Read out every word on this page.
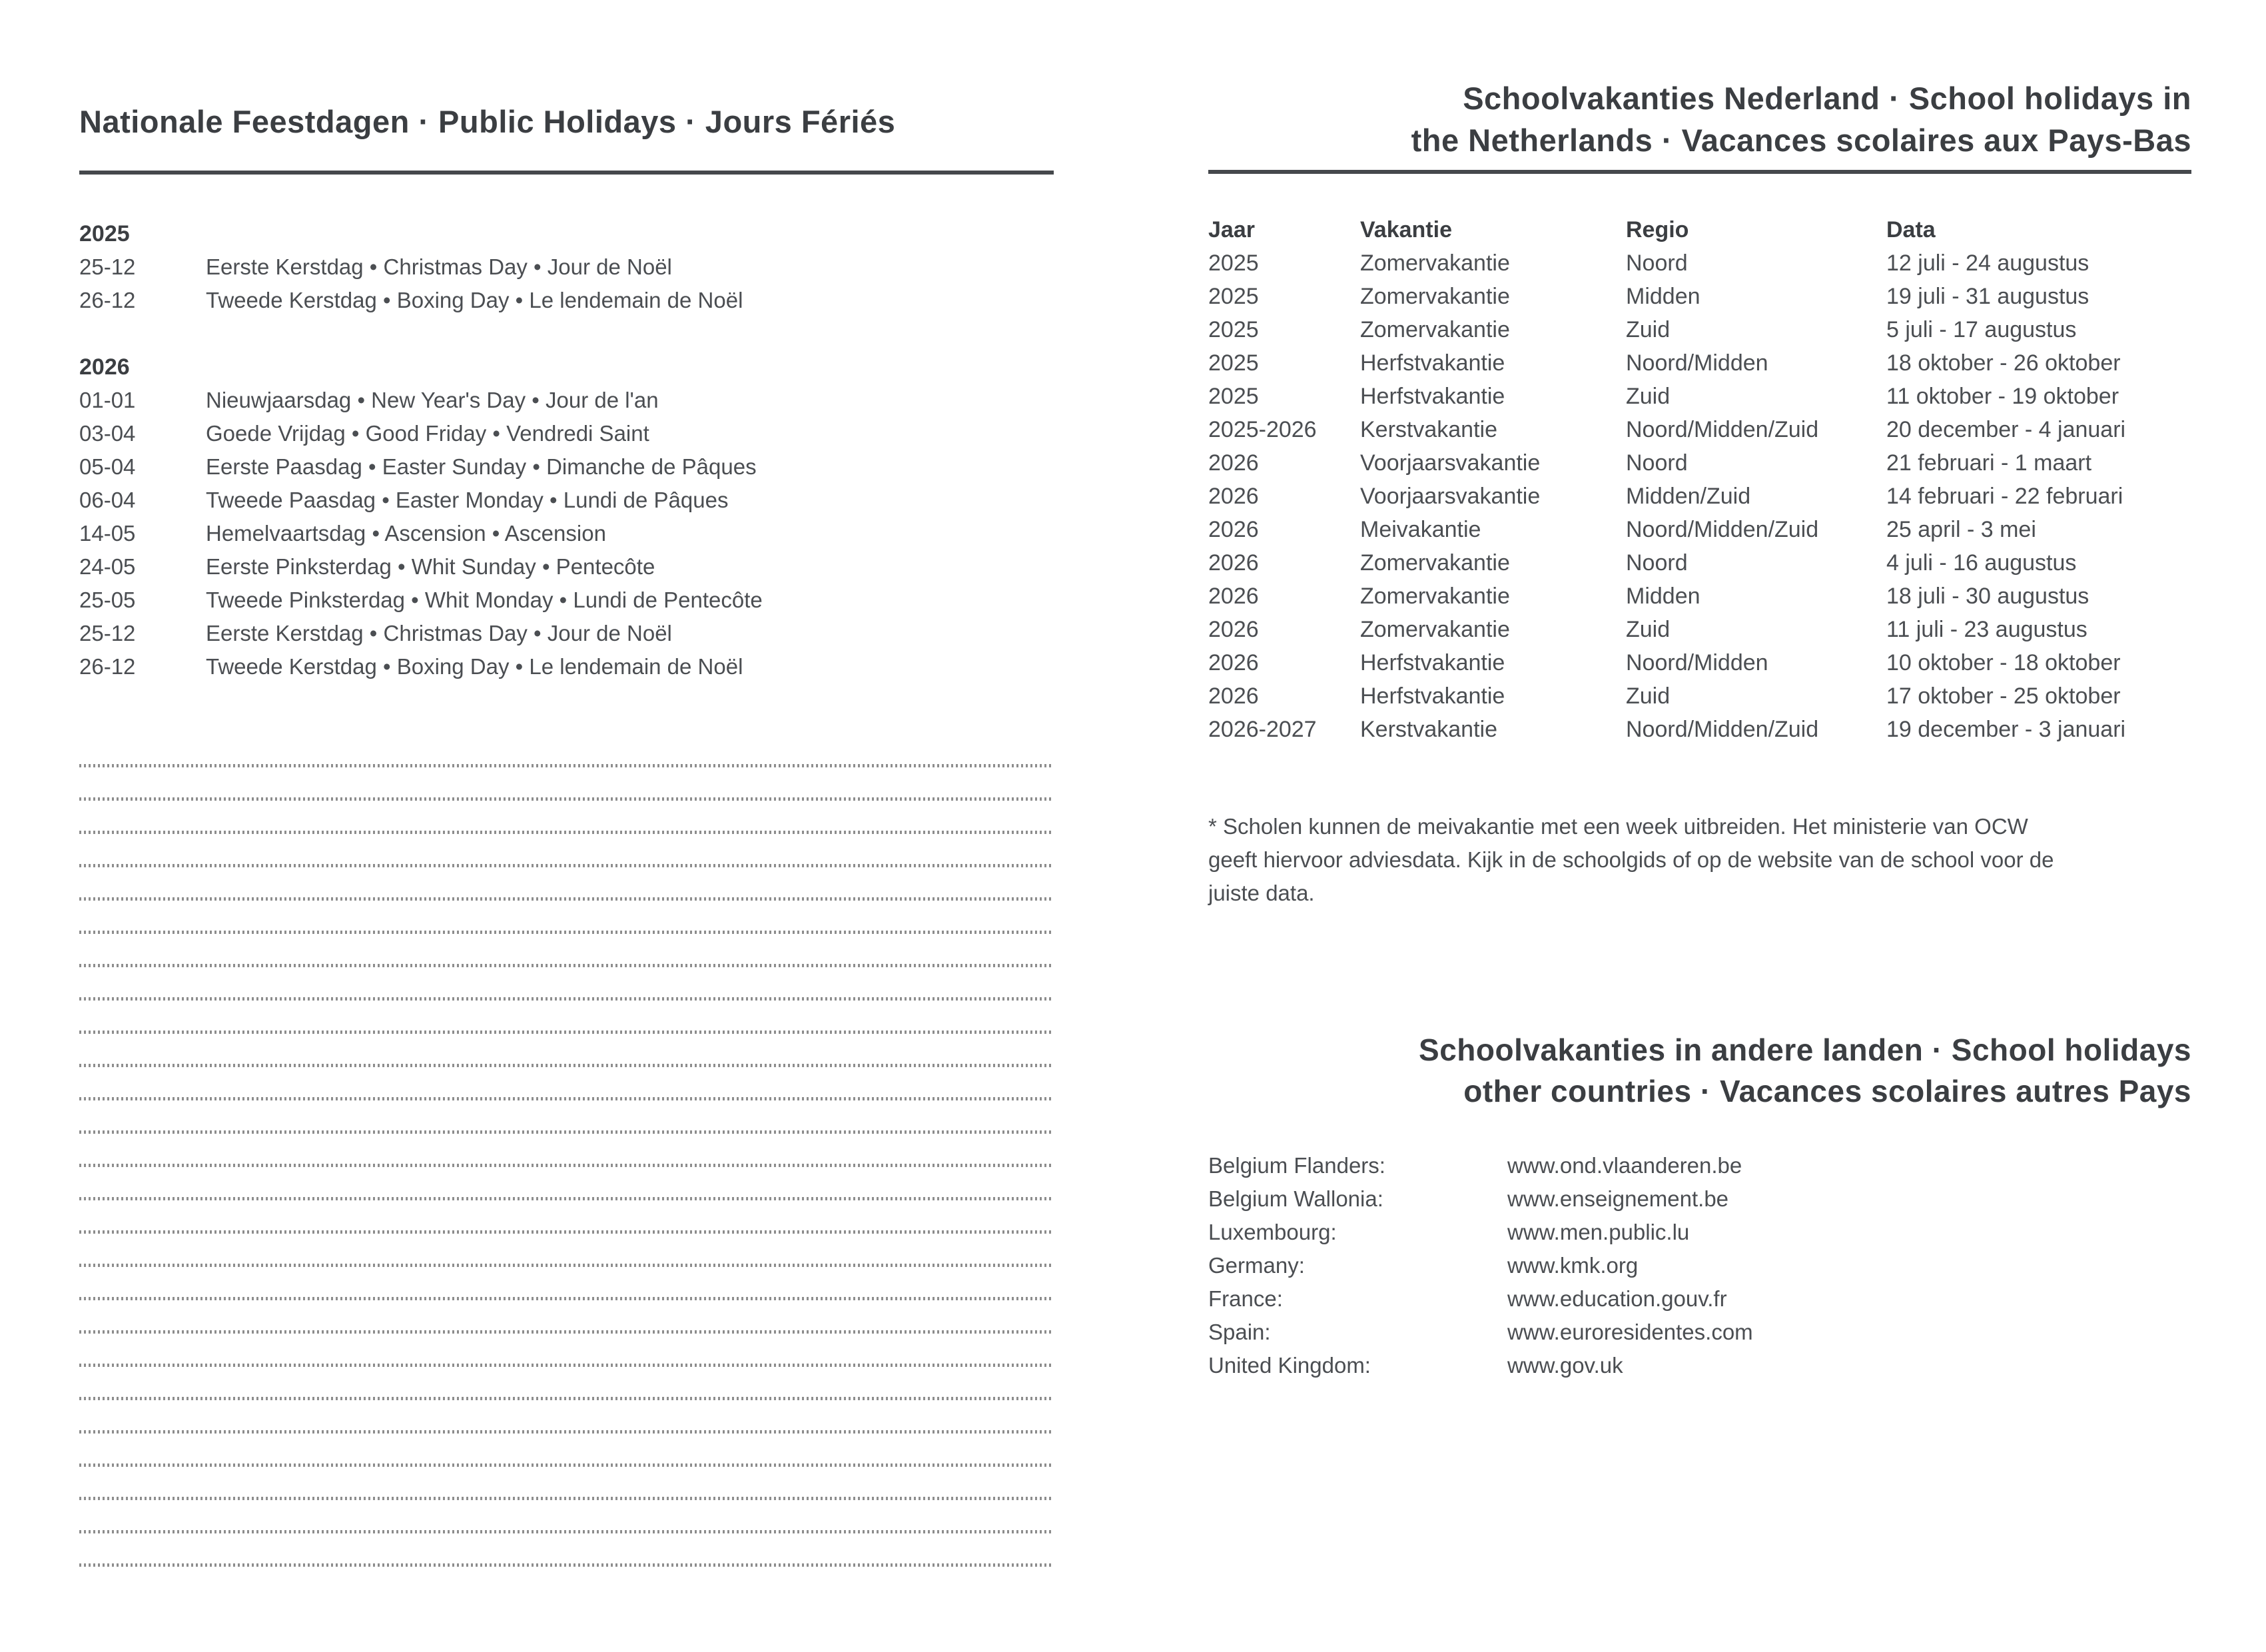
Nationale Feestdagen · Public Holidays · Jours Fériés
2025
25-12	Eerste Kerstdag • Christmas Day • Jour de Noël
26-12	Tweede Kerstdag • Boxing Day • Le lendemain de Noël
2026
01-01	Nieuwjaarsdag • New Year's Day • Jour de l'an
03-04	Goede Vrijdag • Good Friday • Vendredi Saint
05-04	Eerste Paasdag • Easter Sunday • Dimanche de Pâques
06-04	Tweede Paasdag • Easter Monday • Lundi de Pâques
14-05	Hemelvaartsdag • Ascension • Ascension
24-05	Eerste Pinksterdag • Whit Sunday • Pentecôte
25-05	Tweede Pinksterdag • Whit Monday • Lundi de Pentecôte
25-12	Eerste Kerstdag • Christmas Day • Jour de Noël
26-12	Tweede Kerstdag • Boxing Day • Le lendemain de Noël
Schoolvakanties Nederland · School holidays in
the Netherlands · Vacances scolaires aux Pays-Bas
Jaar	Vakantie	Regio	Data
2025	Zomervakantie	Noord	12 juli - 24 augustus
2025	Zomervakantie	Midden	19 juli - 31 augustus
2025	Zomervakantie	Zuid	5 juli - 17 augustus
2025	Herfstvakantie	Noord/Midden	18 oktober - 26 oktober
2025	Herfstvakantie	Zuid	11 oktober - 19 oktober
2025-2026	Kerstvakantie	Noord/Midden/Zuid	20 december - 4 januari
2026	Voorjaarsvakantie	Noord	21 februari - 1 maart
2026	Voorjaarsvakantie	Midden/Zuid	14 februari - 22 februari
2026	Meivakantie	Noord/Midden/Zuid	25 april - 3 mei
2026	Zomervakantie	Noord	4 juli - 16 augustus
2026	Zomervakantie	Midden	18 juli - 30 augustus
2026	Zomervakantie	Zuid	11 juli - 23 augustus
2026	Herfstvakantie	Noord/Midden	10 oktober - 18 oktober
2026	Herfstvakantie	Zuid	17 oktober - 25 oktober
2026-2027	Kerstvakantie	Noord/Midden/Zuid	19 december - 3 januari

* Scholen kunnen de meivakantie met een week uitbreiden. Het ministerie van OCW
geeft hiervoor adviesdata. Kijk in de schoolgids of op de website van de school voor de
juiste data.

Schoolvakanties in andere landen · School holidays
other countries · Vacances scolaires autres Pays
Belgium Flanders:	www.ond.vlaanderen.be
Belgium Wallonia:	www.enseignement.be
Luxembourg:	www.men.public.lu
Germany:	www.kmk.org
France:	www.education.gouv.fr
Spain:	www.euroresidentes.com
United Kingdom:	www.gov.uk
